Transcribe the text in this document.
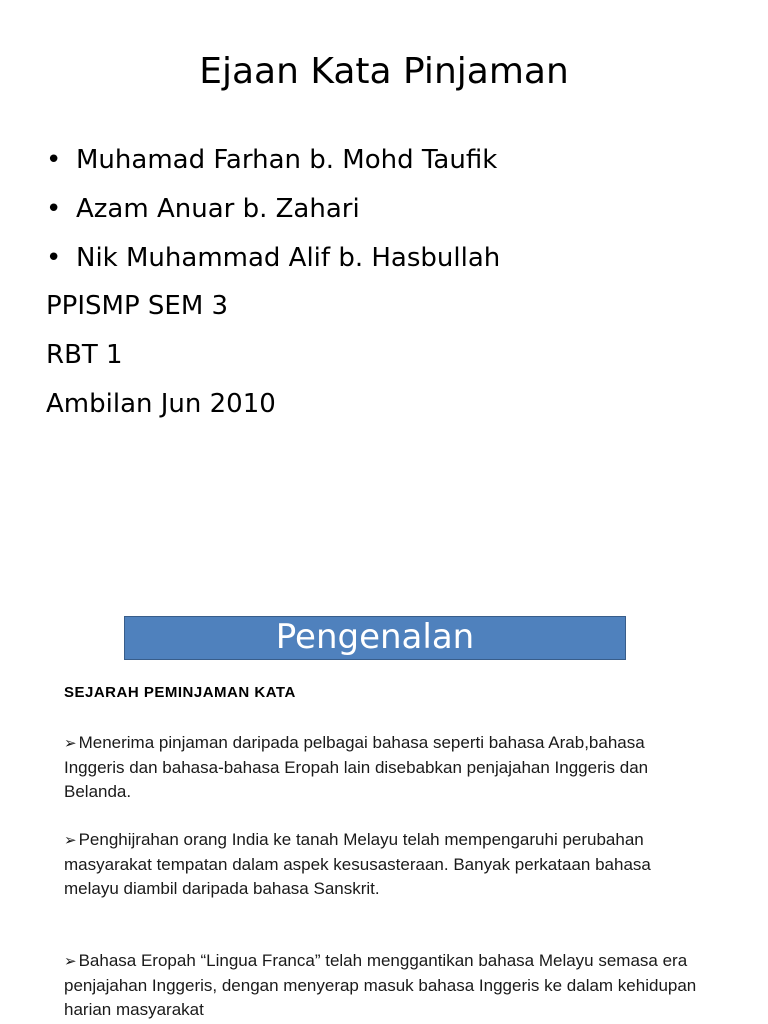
Ejaan Kata Pinjaman
• Muhamad Farhan b. Mohd Taufik
• Azam Anuar b. Zahari
• Nik Muhammad Alif b. Hasbullah
PPISMP SEM 3
RBT 1
Ambilan Jun 2010
Pengenalan
SEJARAH PEMINJAMAN KATA
➢ Menerima pinjaman daripada pelbagai bahasa seperti bahasa Arab,bahasa Inggeris dan bahasa-bahasa Eropah lain disebabkan penjajahan Inggeris dan Belanda.
➢ Penghijrahan orang India ke tanah Melayu telah mempengaruhi perubahan masyarakat tempatan dalam aspek kesusasteraan. Banyak perkataan bahasa melayu diambil daripada bahasa Sanskrit.
➢ Bahasa Eropah “Lingua Franca” telah menggantikan bahasa Melayu semasa era penjajahan Inggeris, dengan menyerap masuk bahasa Inggeris ke dalam kehidupan harian masyarakat
